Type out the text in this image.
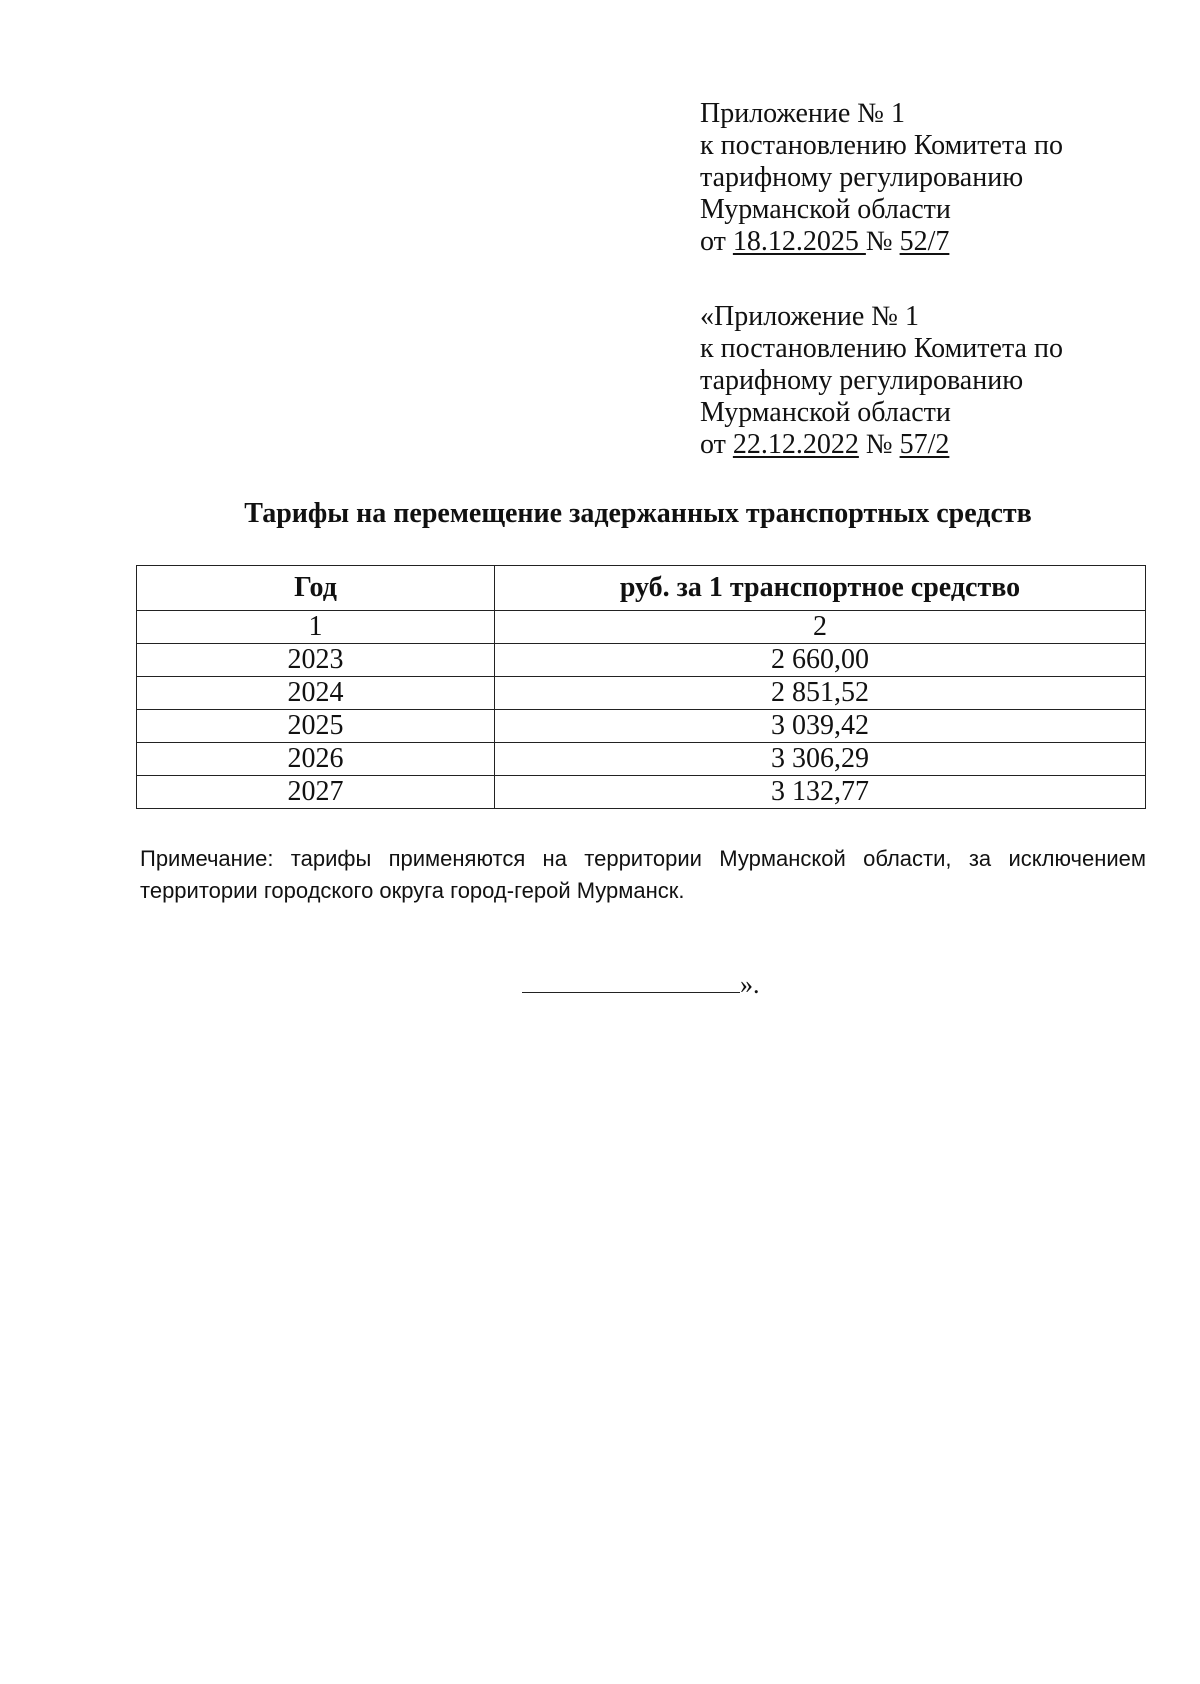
Приложение № 1
к постановлению Комитета по
тарифному регулированию
Мурманской области
от 18.12.2025 № 52/7
«Приложение № 1
к постановлению Комитета по
тарифному регулированию
Мурманской области
от 22.12.2022 № 57/2
Тарифы на перемещение задержанных транспортных средств
Год	руб. за 1 транспортное средство
1	2
2023	2 660,00
2024	2 851,52
2025	3 039,42
2026	3 306,29
2027	3 132,77
Примечание: тарифы применяются на территории Мурманской области, за исключением территории городского округа город-герой Мурманск.
».
